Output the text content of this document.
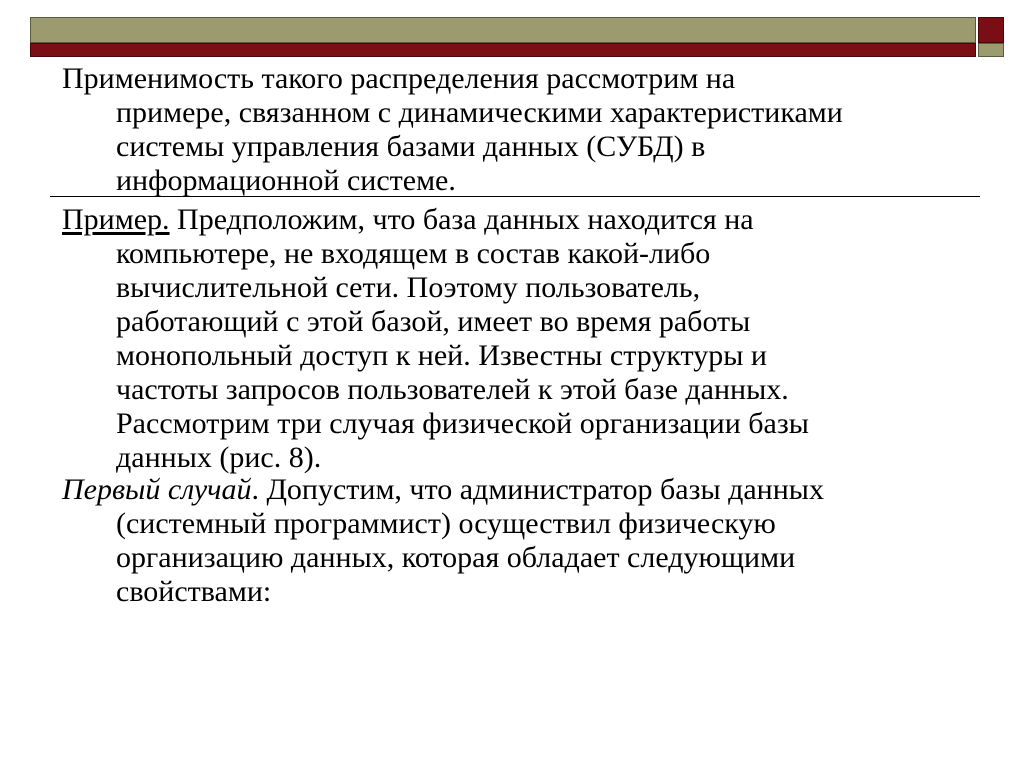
Применимость такого распределения рассмотрим на
примере, связанном с динамическими характеристиками
системы управления базами данных (СУБД) в
информационной системе.
Пример. Предположим, что база данных находится на
компьютере, не входящем в состав какой-либо
вычислительной сети. Поэтому пользователь,
работающий с этой базой, имеет во время работы
монопольный доступ к ней. Известны структуры и
частоты запросов пользователей к этой базе данных.
Рассмотрим три случая физической организации базы
данных (рис. 8).
Первый случай. Допустим, что администратор базы данных
(системный программист) осуществил физическую
организацию данных, которая обладает следующими
свойствами:
